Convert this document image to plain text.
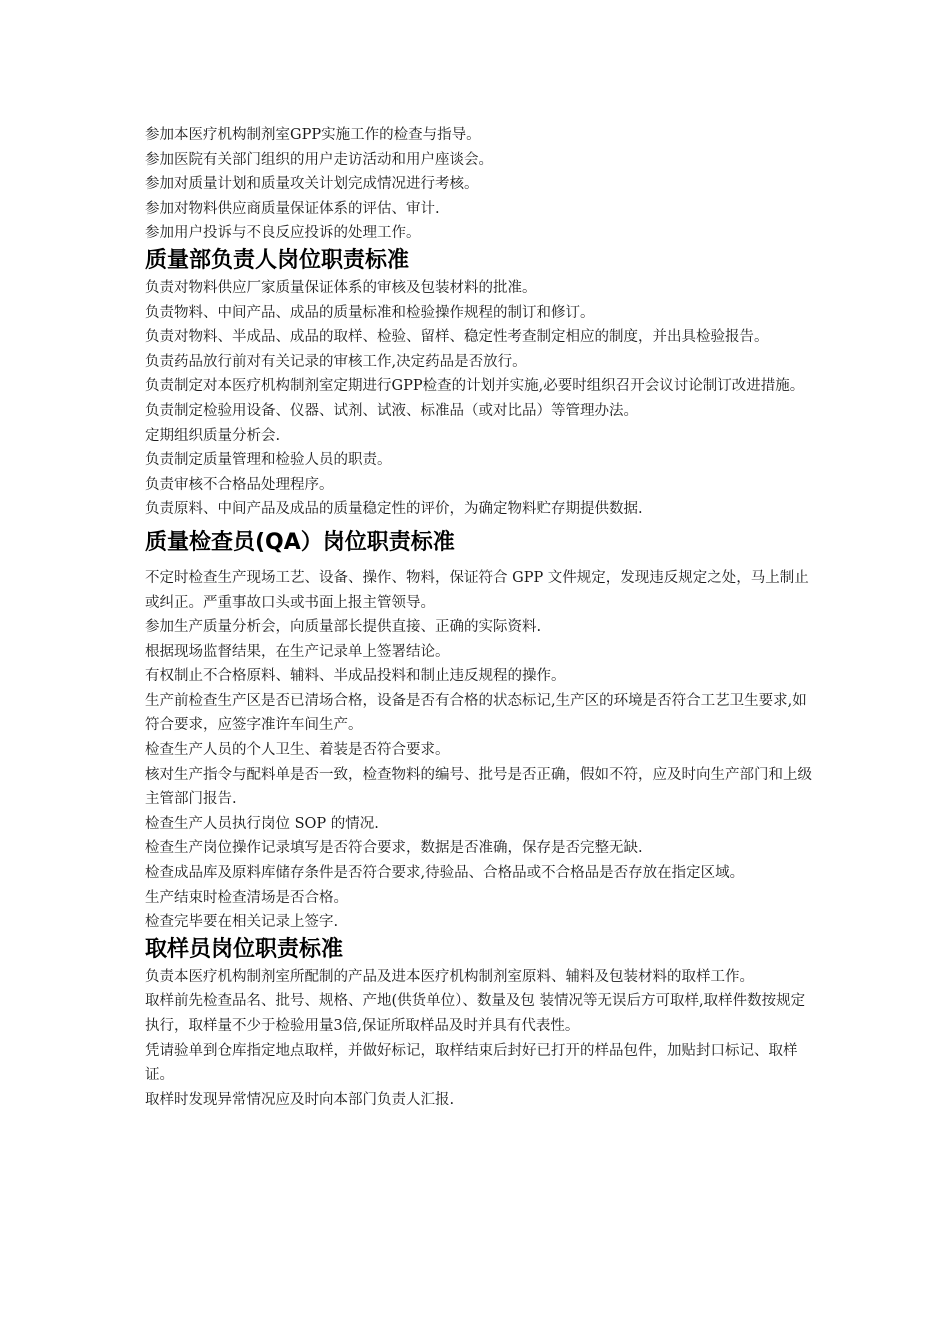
参加本医疗机构制剂室GPP实施工作的检查与指导。

参加医院有关部门组织的用户走访活动和用户座谈会。

参加对质量计划和质量攻关计划完成情况进行考核。

参加对物料供应商质量保证体系的评估、审计.

参加用户投诉与不良反应投诉的处理工作。

质量部负责人岗位职责标准

负责对物料供应厂家质量保证体系的审核及包装材料的批准。

负责物料、中间产品、成品的质量标准和检验操作规程的制订和修订。

负责对物料、半成品、成品的取样、检验、留样、稳定性考查制定相应的制度，并出具检验报告。

负责药品放行前对有关记录的审核工作,决定药品是否放行。

负责制定对本医疗机构制剂室定期进行GPP检查的计划并实施,必要时组织召开会议讨论制订改进措施。

负责制定检验用设备、仪器、试剂、试液、标准品（或对比品）等管理办法。

定期组织质量分析会.

负责制定质量管理和检验人员的职责。

负责审核不合格品处理程序。

负责原料、中间产品及成品的质量稳定性的评价，为确定物料贮存期提供数据.

质量检查员(QA）岗位职责标准

不定时检查生产现场工艺、设备、操作、物料，保证符合 GPP 文件规定，发现违反规定之处，马上制止或纠正。严重事故口头或书面上报主管领导。

参加生产质量分析会，向质量部长提供直接、正确的实际资料.

根据现场监督结果，在生产记录单上签署结论。

有权制止不合格原料、辅料、半成品投料和制止违反规程的操作。

生产前检查生产区是否已清场合格，设备是否有合格的状态标记,生产区的环境是否符合工艺卫生要求,如符合要求，应签字准许车间生产。

检查生产人员的个人卫生、着装是否符合要求。

核对生产指令与配料单是否一致，检查物料的编号、批号是否正确，假如不符，应及时向生产部门和上级主管部门报告.

检查生产人员执行岗位 SOP 的情况.

检查生产岗位操作记录填写是否符合要求，数据是否准确，保存是否完整无缺.

检查成品库及原料库储存条件是否符合要求,待验品、合格品或不合格品是否存放在指定区域。

生产结束时检查清场是否合格。

检查完毕要在相关记录上签字.

取样员岗位职责标准

负责本医疗机构制剂室所配制的产品及进本医疗机构制剂室原料、辅料及包装材料的取样工作。

取样前先检查品名、批号、规格、产地(供货单位）、数量及包 装情况等无误后方可取样,取样件数按规定执行，取样量不少于检验用量3倍,保证所取样品及时并具有代表性。

凭请验单到仓库指定地点取样，并做好标记，取样结束后封好已打开的样品包件，加贴封口标记、取样证。

取样时发现异常情况应及时向本部门负责人汇报.
